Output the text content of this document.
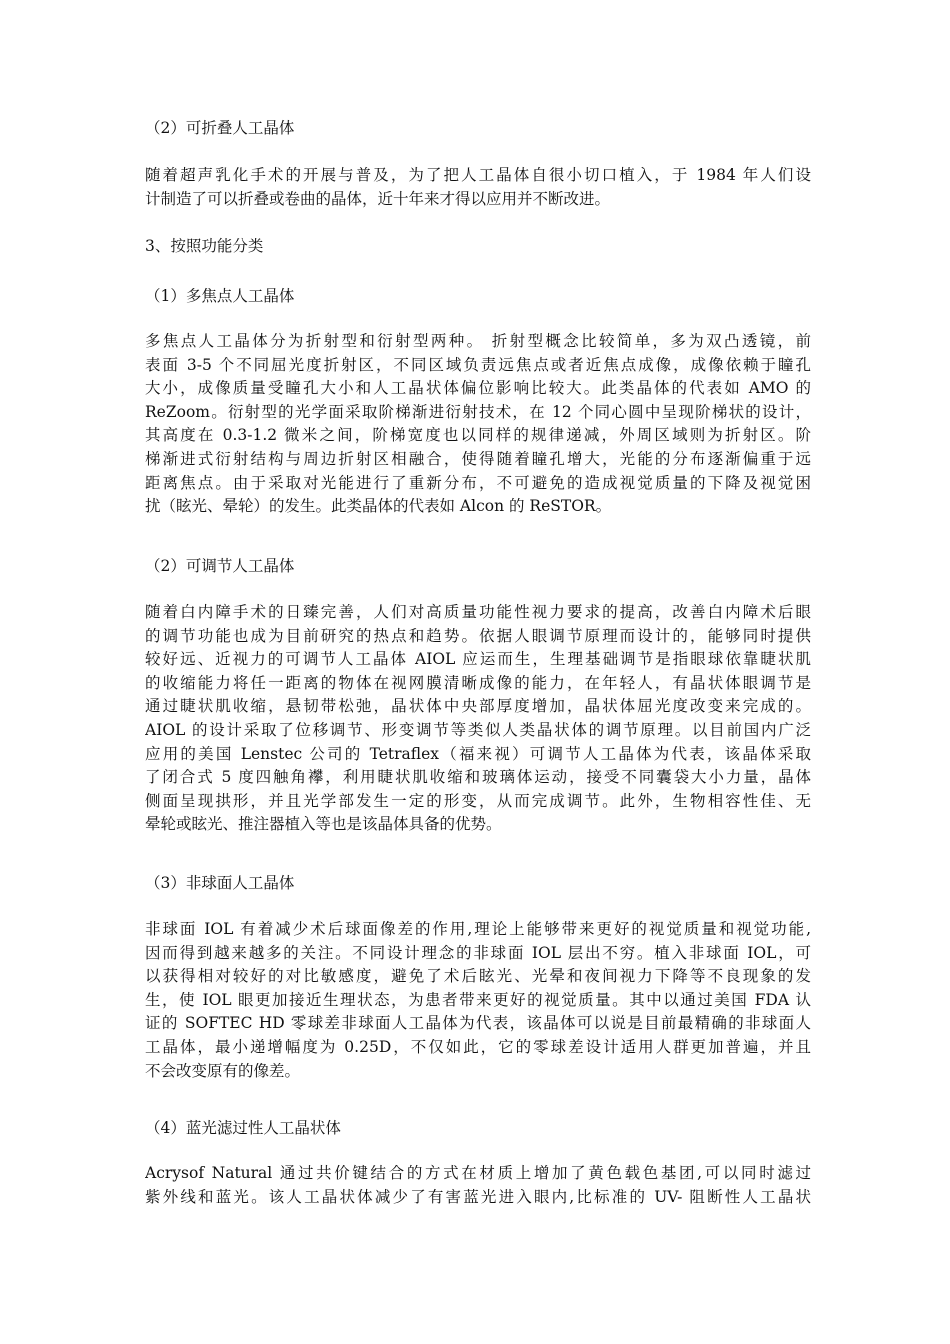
（2）可折叠人工晶体
随着超声乳化手术的开展与普及，为了把人工晶体自很小切口植入，于 1984 年人们设
计制造了可以折叠或卷曲的晶体，近十年来才得以应用并不断改进。
3、按照功能分类
（1）多焦点人工晶体
多焦点人工晶体分为折射型和衍射型两种。 折射型概念比较简单，多为双凸透镜，前
表面 3-5 个不同屈光度折射区，不同区域负责远焦点或者近焦点成像，成像依赖于瞳孔
大小，成像质量受瞳孔大小和人工晶状体偏位影响比较大。此类晶体的代表如 AMO 的
ReZoom。衍射型的光学面采取阶梯渐进衍射技术，在 12 个同心圆中呈现阶梯状的设计，
其高度在 0.3-1.2 微米之间，阶梯宽度也以同样的规律递减，外周区域则为折射区。阶
梯渐进式衍射结构与周边折射区相融合，使得随着瞳孔增大，光能的分布逐渐偏重于远
距离焦点。由于采取对光能进行了重新分布，不可避免的造成视觉质量的下降及视觉困
扰（眩光、晕轮）的发生。此类晶体的代表如 Alcon 的 ReSTOR。
（2）可调节人工晶体
随着白内障手术的日臻完善，人们对高质量功能性视力要求的提高，改善白内障术后眼
的调节功能也成为目前研究的热点和趋势。依据人眼调节原理而设计的，能够同时提供
较好远、近视力的可调节人工晶体 AIOL 应运而生，生理基础调节是指眼球依靠睫状肌
的收缩能力将任一距离的物体在视网膜清晰成像的能力，在年轻人，有晶状体眼调节是
通过睫状肌收缩，悬韧带松弛，晶状体中央部厚度增加，晶状体屈光度改变来完成的。
AIOL 的设计采取了位移调节、形变调节等类似人类晶状体的调节原理。以目前国内广泛
应用的美国 Lenstec 公司的 Tetraflex（福来视）可调节人工晶体为代表，该晶体采取
了闭合式 5 度四触角襻，利用睫状肌收缩和玻璃体运动，接受不同囊袋大小力量，晶体
侧面呈现拱形，并且光学部发生一定的形变，从而完成调节。此外，生物相容性佳、无
晕轮或眩光、推注器植入等也是该晶体具备的优势。
（3）非球面人工晶体
非球面 IOL 有着减少术后球面像差的作用,理论上能够带来更好的视觉质量和视觉功能,
因而得到越来越多的关注。不同设计理念的非球面 IOL 层出不穷。植入非球面 IOL，可
以获得相对较好的对比敏感度，避免了术后眩光、光晕和夜间视力下降等不良现象的发
生，使 IOL 眼更加接近生理状态，为患者带来更好的视觉质量。其中以通过美国 FDA 认
证的 SOFTEC HD 零球差非球面人工晶体为代表，该晶体可以说是目前最精确的非球面人
工晶体，最小递增幅度为 0.25D，不仅如此，它的零球差设计适用人群更加普遍，并且
不会改变原有的像差。
（4）蓝光滤过性人工晶状体
Acrysof Natural 通过共价键结合的方式在材质上增加了黄色载色基团,可以同时滤过
紫外线和蓝光。该人工晶状体减少了有害蓝光进入眼内,比标准的 UV- 阻断性人工晶状
